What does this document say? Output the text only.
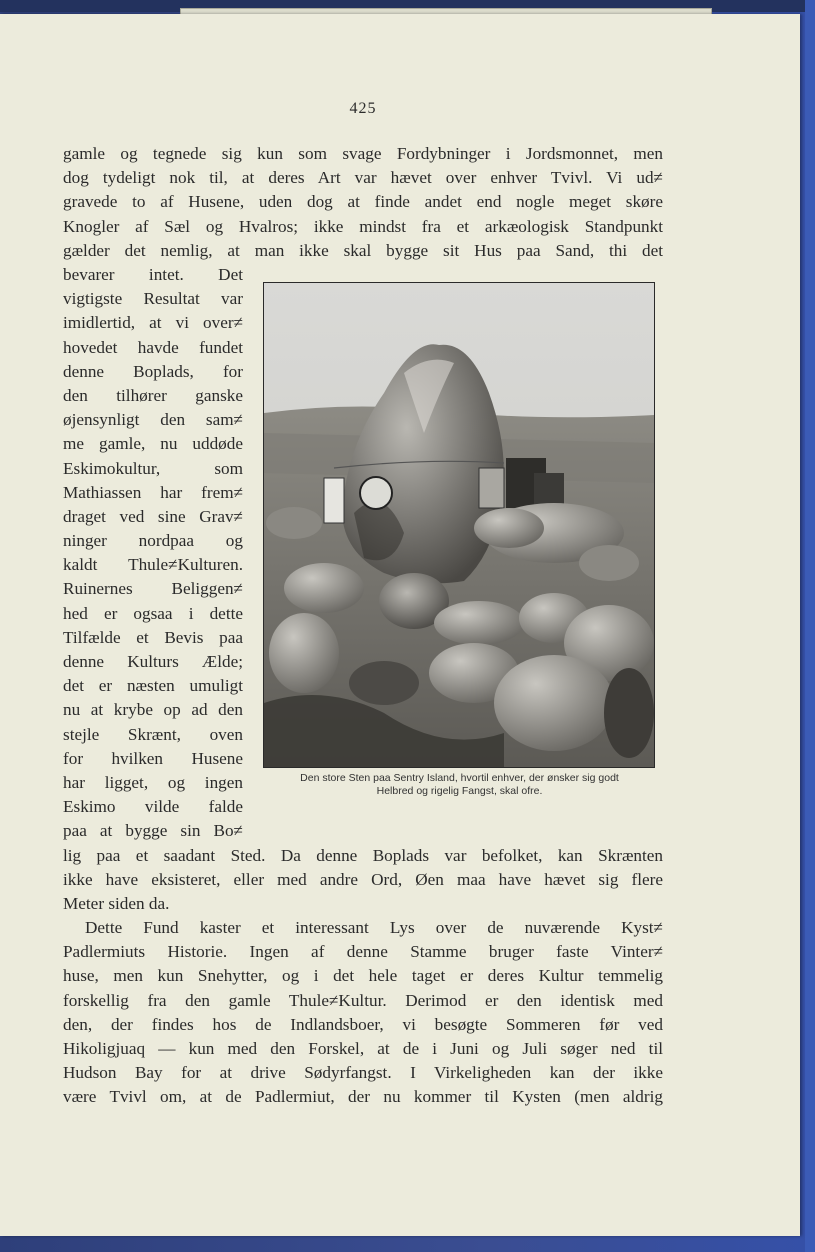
425
gamle og tegnede sig kun som svage Fordybninger i Jordsmonnet, men
dog tydeligt nok til, at deres Art var hævet over enhver Tvivl. Vi ud≠
gravede to af Husene, uden dog at finde andet end nogle meget skøre
Knogler af Sæl og Hvalros; ikke mindst fra et arkæologisk Standpunkt
gælder det nemlig, at man ikke skal bygge sit Hus paa Sand, thi det
bevarer intet. Det
vigtigste Resultat var
imidlertid, at vi over≠
hovedet havde fundet
denne Boplads, for
den tilhører ganske
øjensynligt den sam≠
me gamle, nu uddøde
Eskimokultur, som
Mathiassen har frem≠
draget ved sine Grav≠
ninger nordpaa og
kaldt Thule≠Kulturen.
Ruinernes Beliggen≠
hed er ogsaa i dette
Tilfælde et Bevis paa
denne Kulturs Ælde;
det er næsten umuligt
nu at krybe op ad den
stejle Skrænt, oven
for hvilken Husene
har ligget, og ingen
Eskimo vilde falde
paa at bygge sin Bo≠
Den store Sten paa Sentry Island, hvortil enhver, der ønsker sig godt
Helbred og rigelig Fangst, skal ofre.
lig paa et saadant Sted. Da denne Boplads var befolket, kan Skrænten
ikke have eksisteret, eller med andre Ord, Øen maa have hævet sig flere
Meter siden da.
Dette Fund kaster et interessant Lys over de nuværende Kyst≠
Padlermiuts Historie. Ingen af denne Stamme bruger faste Vinter≠
huse, men kun Snehytter, og i det hele taget er deres Kultur temmelig
forskellig fra den gamle Thule≠Kultur. Derimod er den identisk med
den, der findes hos de Indlandsboer, vi besøgte Sommeren før ved
Hikoligjuaq — kun med den Forskel, at de i Juni og Juli søger ned til
Hudson Bay for at drive Sødyrfangst. I Virkeligheden kan der ikke
være Tvivl om, at de Padlermiut, der nu kommer til Kysten (men aldrig
